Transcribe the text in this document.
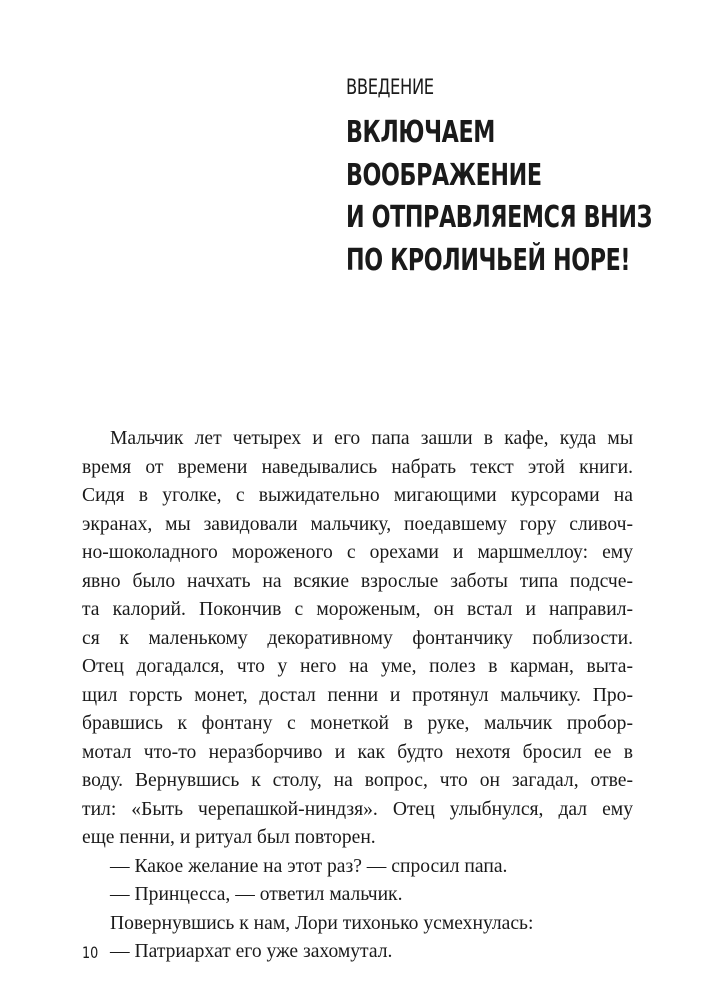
ВВЕДЕНИЕ
ВКЛЮЧАЕМ
ВООБРАЖЕНИЕ
И ОТПРАВЛЯЕМСЯ ВНИЗ
ПО КРОЛИЧЬЕЙ НОРЕ!
Мальчик лет четырех и его папа зашли в кафе, куда мы
время от времени наведывались набрать текст этой книги.
Сидя в уголке, с выжидательно мигающими курсорами на
экранах, мы завидовали мальчику, поедавшему гору сливоч-
но-шоколадного мороженого с орехами и маршмеллоу: ему
явно было начхать на всякие взрослые заботы типа подсче-
та калорий. Покончив с мороженым, он встал и направил-
ся к маленькому декоративному фонтанчику поблизости.
Отец догадался, что у него на уме, полез в карман, выта-
щил горсть монет, достал пенни и протянул мальчику. Про-
бравшись к фонтану с монеткой в руке, мальчик пробор-
мотал что-то неразборчиво и как будто нехотя бросил ее в
воду. Вернувшись к столу, на вопрос, что он загадал, отве-
тил: «Быть черепашкой-ниндзя». Отец улыбнулся, дал ему
еще пенни, и ритуал был повторен.
— Какое желание на этот раз? — спросил папа.
— Принцесса, — ответил мальчик.
Повернувшись к нам, Лори тихонько усмехнулась:
— Патриархат его уже захомутал.
10
